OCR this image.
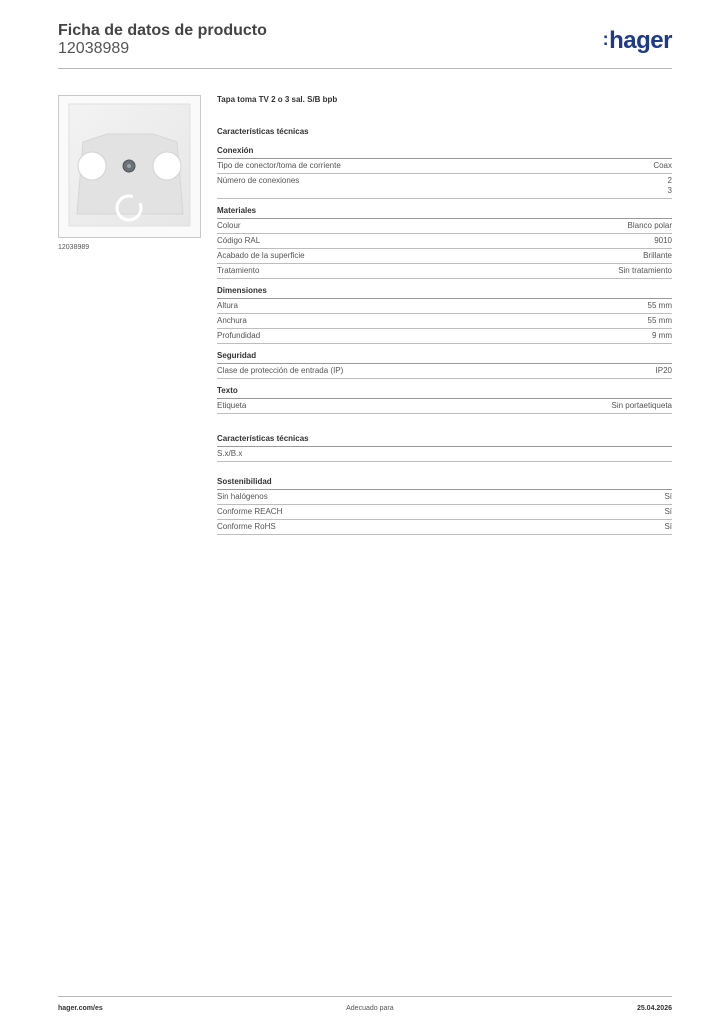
Ficha de datos de producto
12038989	:hager
12038989
Tapa toma TV 2 o 3 sal. S/B bpb
Características técnicas
Conexión
Tipo de conector/toma de corriente	Coax
Número de conexiones	2
3
Materiales
Colour	Blanco polar
Código RAL	9010
Acabado de la superficie	Brillante
Tratamiento	Sin tratamiento
Dimensiones
Altura	55 mm
Anchura	55 mm
Profundidad	9 mm
Seguridad
Clase de protección de entrada (IP)	IP20
Texto
Etiqueta	Sin portaetiqueta
Características técnicas
S.x/B.x
Sostenibilidad
Sin halógenos	Sí
Conforme REACH	Sí
Conforme RoHS	Sí
hager.com/es	Adecuado para	25.04.2026
